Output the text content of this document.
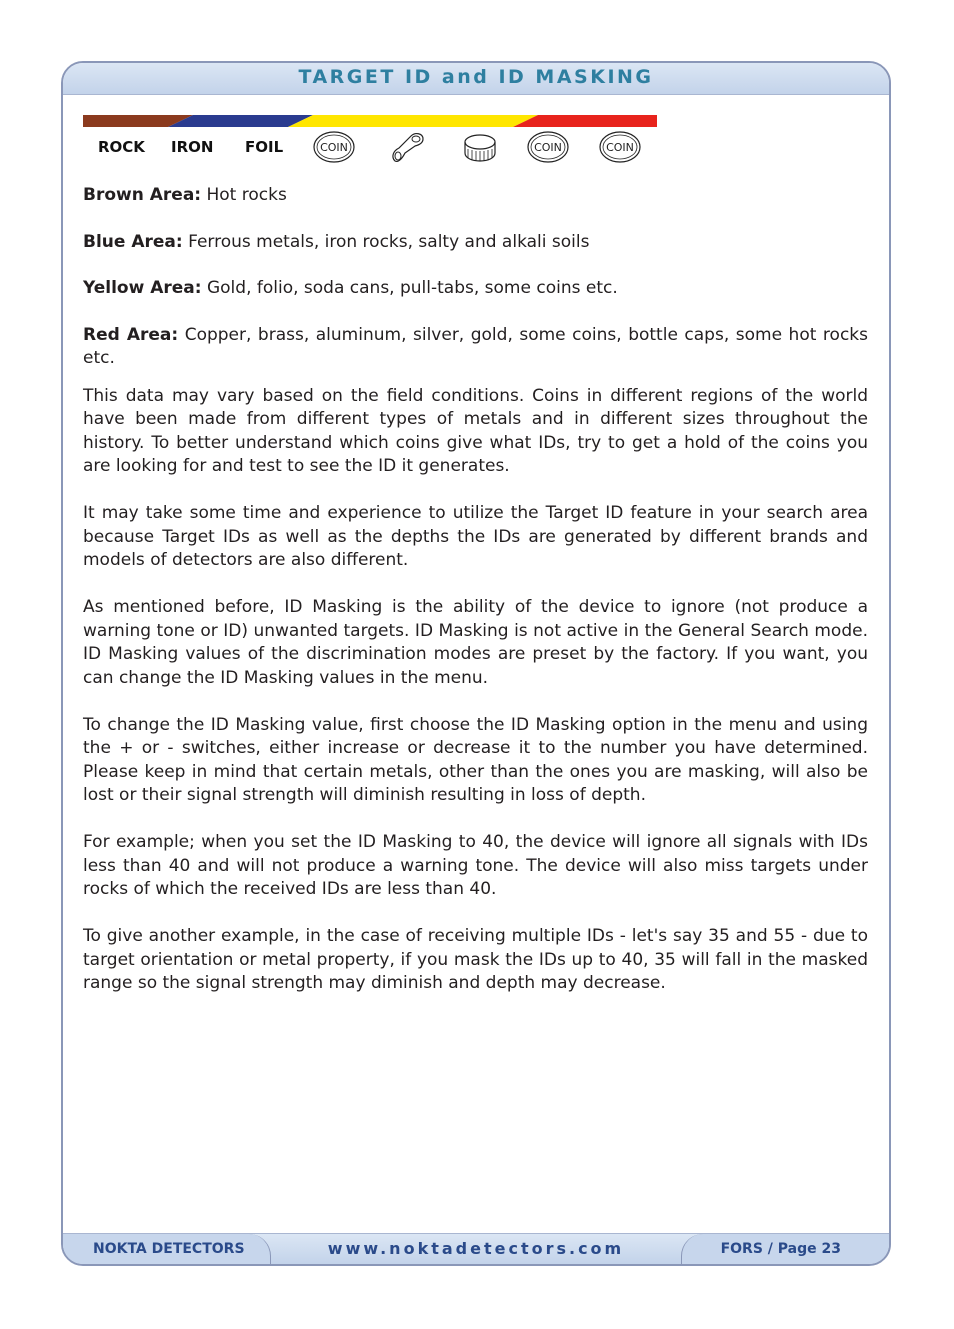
TARGET ID and ID MASKING
NOKTA DETECTORS	www.noktadetectors.com	FORS / Page 23
ROCK IRON FOIL	COIN	COIN	COIN

Brown Area: Hot rocks

Blue Area: Ferrous metals, iron rocks, salty and alkali soils

Yellow Area: Gold, folio, soda cans, pull-tabs, some coins etc.

Red Area: Copper, brass, aluminum, silver, gold, some coins, bottle caps, some hot rocks etc.

This data may vary based on the field conditions. Coins in different regions of the world have been made from different types of metals and in different sizes throughout the history. To better understand which coins give what IDs, try to get a hold of the coins you are looking for and test to see the ID it generates.

It may take some time and experience to utilize the Target ID feature in your search area because Target IDs as well as the depths the IDs are generated by different brands and models of detectors are also different.

As mentioned before, ID Masking is the ability of the device to ignore (not produce a warning tone or ID) unwanted targets. ID Masking is not active in the General Search mode. ID Masking values of the discrimination modes are preset by the factory. If you want, you can change the ID Masking values in the menu.

To change the ID Masking value, first choose the ID Masking option in the menu and using the + or - switches, either increase or decrease it to the number you have determined. Please keep in mind that certain metals, other than the ones you are masking, will also be lost or their signal strength will diminish resulting in loss of depth.

For example; when you set the ID Masking to 40, the device will ignore all signals with IDs less than 40 and will not produce a warning tone. The device will also miss targets under rocks of which the received IDs are less than 40.

To give another example, in the case of receiving multiple IDs - let's say 35 and 55 - due to target orientation or metal property, if you mask the IDs up to 40, 35 will fall in the masked range so the signal strength may diminish and depth may decrease.
